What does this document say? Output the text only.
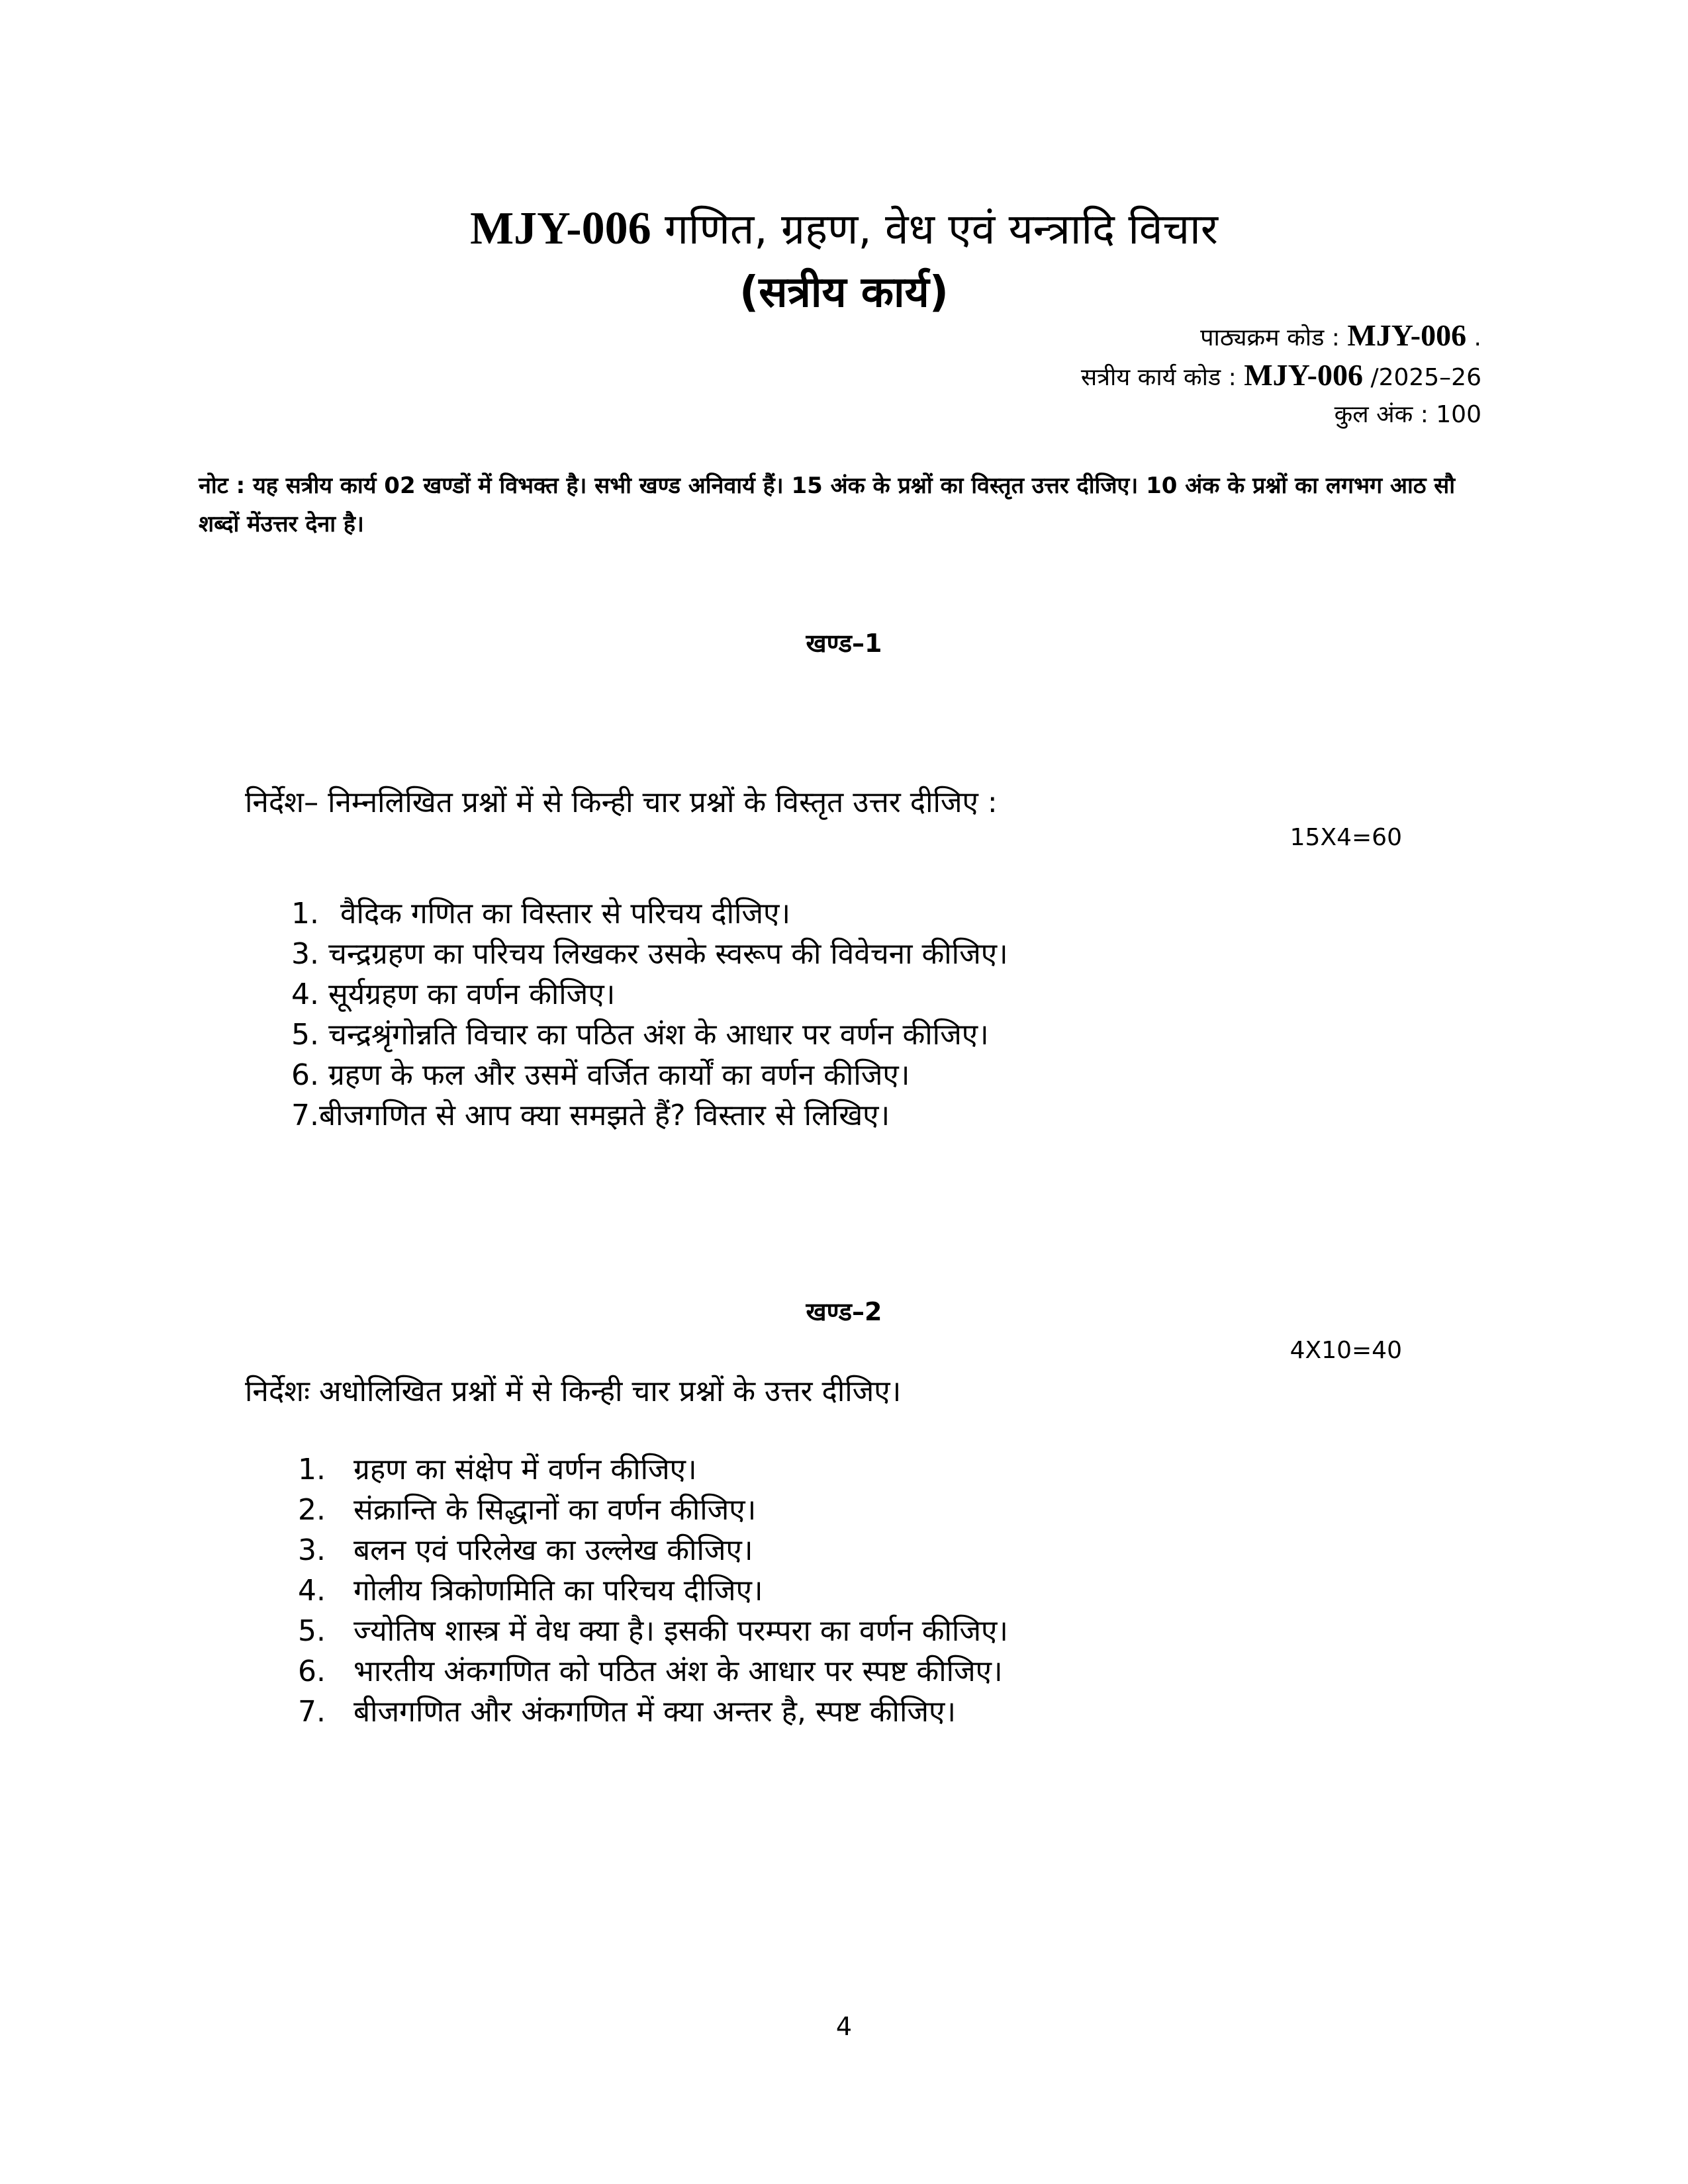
MJY-006 गणित, ग्रहण, वेध एवं यन्त्रादि विचार
(सत्रीय कार्य)
पाठ्यक्रम कोड : MJY-006 .
सत्रीय कार्य कोड : MJY-006 /2025–26
कुल अंक : 100
नोट : यह सत्रीय कार्य 02 खण्डों में विभक्त है। सभी खण्ड अनिवार्य हैं। 15 अंक के प्रश्नों का विस्तृत उत्तर दीजिए। 10 अंक के प्रश्नों का लगभग आठ सौ शब्दों मेंउत्तर देना है।
खण्ड–1
निर्देश– निम्नलिखित प्रश्नों में से किन्ही चार प्रश्नों के विस्तृत उत्तर दीजिए :
15X4=60
1. वैदिक गणित का विस्तार से परिचय दीजिए।
3. चन्द्रग्रहण का परिचय लिखकर उसके स्वरूप की विवेचना कीजिए।
4. सूर्यग्रहण का वर्णन कीजिए।
5. चन्द्रश्रृंगोन्नति विचार का पठित अंश के आधार पर वर्णन कीजिए।
6. ग्रहण के फल और उसमें वर्जित कार्यों का वर्णन कीजिए।
7.बीजगणित से आप क्या समझते हैं? विस्तार से लिखिए।
खण्ड–2
4X10=40
निर्देशः अधोलिखित प्रश्नों में से किन्ही चार प्रश्नों के उत्तर दीजिए।
1. ग्रहण का संक्षेप में वर्णन कीजिए।
2. संक्रान्ति के सिद्धानों का वर्णन कीजिए।
3. बलन एवं परिलेख का उल्लेख कीजिए।
4. गोलीय त्रिकोणमिति का परिचय दीजिए।
5. ज्योतिष शास्त्र में वेध क्या है। इसकी परम्परा का वर्णन कीजिए।
6. भारतीय अंकगणित को पठित अंश के आधार पर स्पष्ट कीजिए।
7. बीजगणित और अंकगणित में क्या अन्तर है, स्पष्ट कीजिए।
4
